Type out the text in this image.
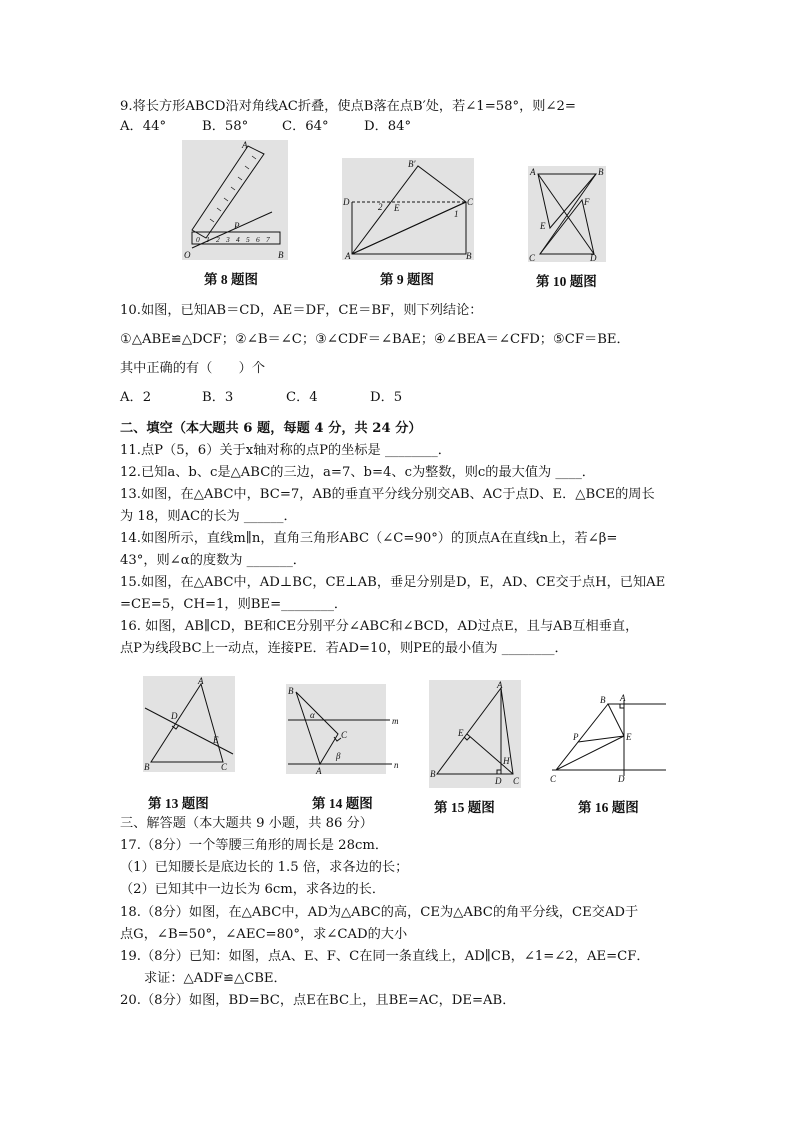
9.将长方形ABCD沿对角线AC折叠，使点B落在点B′处，若∠1=58°，则∠2=
A．44°	B．58°	C．64°	D．84°
0 1 2 3 4 5 6 7
A
P
O	B
第 8 题图
B′
D	C
E
A	B
1
2
第 9 题图
A	B
F
E
C	D
第 10 题图
10.如图，已知AB＝CD，AE＝DF，CE＝BF，则下列结论：
①△ABE≌△DCF；②∠B＝∠C；③∠CDF＝∠BAE；④∠BEA＝∠CFD；⑤CF＝BE．
其中正确的有（　　）个
A．2	B．3	C．4	D．5
二、填空（本大题共 6 题，每题 4 分，共 24 分）
11.点P（5，6）关于x轴对称的点P的坐标是 ________．
12.已知a、b、c是△ABC的三边，a=7、b=4、c为整数，则c的最大值为 ____．
13.如图，在△ABC中，BC=7，AB的垂直平分线分别交AB、AC于点D、E．△BCE的周长
为 18，则AC的长为 ______．
14.如图所示，直线m∥n，直角三角形ABC（∠C=90°）的顶点A在直线n上，若∠β=
43°，则∠α的度数为 _______．
15.如图，在△ABC中，AD⊥BC，CE⊥AB，垂足分别是D，E，AD、CE交于点H，已知AE
=CE=5，CH=1，则BE=________．
16. 如图，AB∥CD，BE和CE分别平分∠ABC和∠BCD，AD过点E，且与AB互相垂直，
点P为线段BC上一动点，连接PE．若AD=10，则PE的最小值为 ________．
A
D
E
B	C
第 13 题图
B
α
m
C
β
A
n
第 14 题图
A
E
H
B
D C
第 15 题图
B A
P	E
C	D
第 16 题图
三、解答题（本大题共 9 小题，共 86 分）
17.（8分）一个等腰三角形的周长是 28cm．
（1）已知腰长是底边长的 1.5 倍，求各边的长；
（2）已知其中一边长为 6cm，求各边的长．
18.（8分）如图，在△ABC中，AD为△ABC的高，CE为△ABC的角平分线，CE交AD于
点G，∠B=50°，∠AEC=80°，求∠CAD的大小
19.（8分）已知：如图，点A、E、F、C在同一条直线上，AD∥CB，∠1=∠2，AE=CF．
求证：△ADF≌△CBE．
20.（8分）如图，BD=BC，点E在BC上，且BE=AC，DE=AB．
